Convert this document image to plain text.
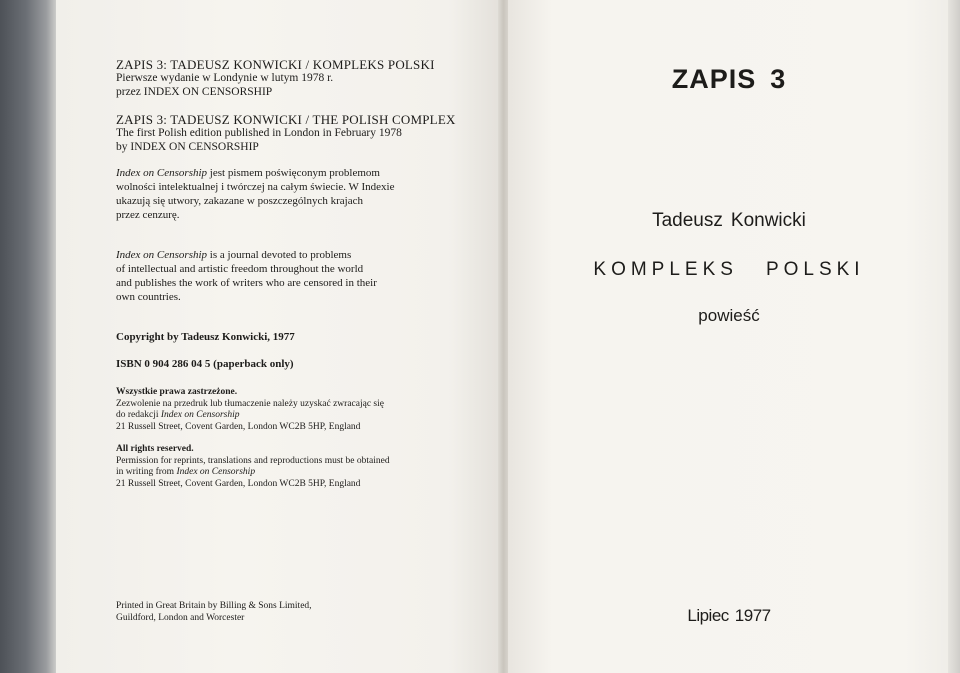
ZAPIS 3: TADEUSZ KONWICKI / KOMPLEKS POLSKI

Pierwsze wydanie w Londynie w lutym 1978 r.

przez INDEX ON CENSORSHIP

ZAPIS 3: TADEUSZ KONWICKI / THE POLISH COMPLEX

The first Polish edition published in London in February 1978

by INDEX ON CENSORSHIP

Index on Censorship jest pismem poświęconym problemom

wolności intelektualnej i twórczej na całym świecie. W Indexie

ukazują się utwory, zakazane w poszczególnych krajach

przez cenzurę.

Index on Censorship is a journal devoted to problems

of intellectual and artistic freedom throughout the world

and publishes the work of writers who are censored in their

own countries.

Copyright by Tadeusz Konwicki, 1977

ISBN 0 904 286 04 5 (paperback only)

Wszystkie prawa zastrzeżone.

Zezwolenie na przedruk lub tłumaczenie należy uzyskać zwracając się

do redakcji Index on Censorship

21 Russell Street, Covent Garden, London WC2B 5HP, England

All rights reserved.

Permission for reprints, translations and reproductions must be obtained

in writing from Index on Censorship

21 Russell Street, Covent Garden, London WC2B 5HP, England

Printed in Great Britain by Billing & Sons Limited,

Guildford, London and Worcester

ZAPIS 3
Tadeusz Konwicki
KOMPLEKS POLSKI
powieść
Lipiec 1977
